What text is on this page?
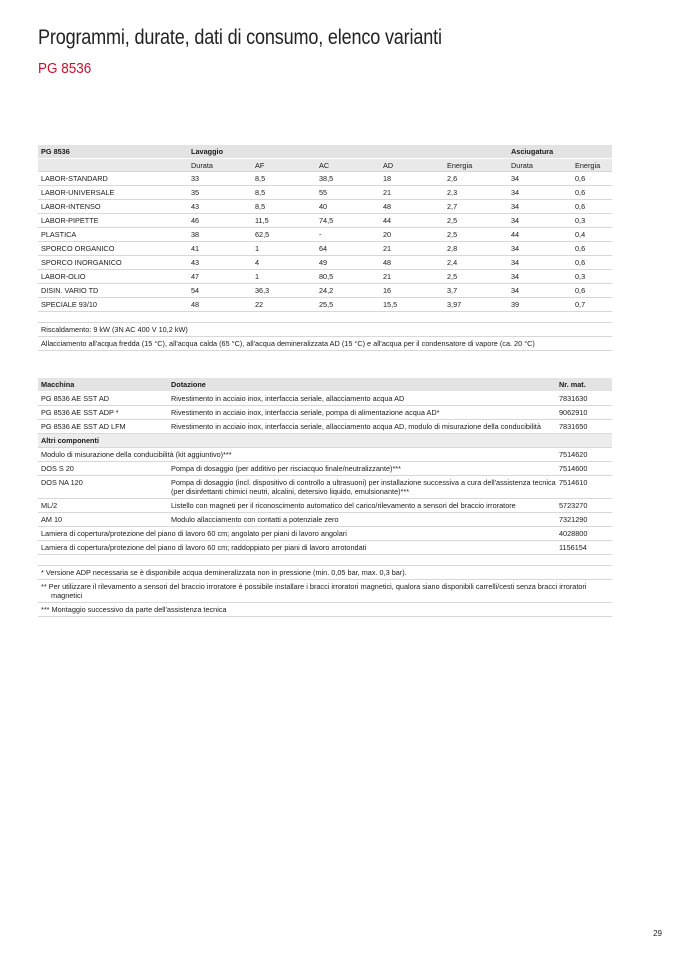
Programmi, durate, dati di consumo, elenco varianti
PG 8536
PG 8536	Lavaggio					Asciugatura	
	Durata	AF	AC	AD	Energia	Durata	Energia
LABOR-STANDARD	33	8,5	38,5	18	2,6	34	0,6
LABOR-UNIVERSALE	35	8,5	55	21	2,3	34	0,6
LABOR-INTENSO	43	8,5	40	48	2,7	34	0,6
LABOR-PIPETTE	46	11,5	74,5	44	2,5	34	0,3
PLASTICA	38	62,5	-	20	2,5	44	0,4
SPORCO ORGANICO	41	1	64	21	2,8	34	0,6
SPORCO INORGANICO	43	4	49	48	2,4	34	0,6
LABOR-OLIO	47	1	80,5	21	2,5	34	0,3
DISIN. VARIO TD	54	36,3	24,2	16	3,7	34	0,6
SPECIALE 93/10	48	22	25,5	15,5	3,97	39	0,7

Riscaldamento: 9 kW (3N AC 400 V 10,2 kW)							
Allacciamento all'acqua fredda (15 °C), all'acqua calda (65 °C), all'acqua demineralizzata AD (15 °C) e all'acqua per il condensatore di vapore (ca. 20 °C)							
Macchina	Dotazione	Nr. mat.
PG 8536 AE SST AD	Rivestimento in acciaio inox, interfaccia seriale, allacciamento acqua AD	7831630
PG 8536 AE SST ADP *	Rivestimento in acciaio inox, interfaccia seriale, pompa di alimentazione acqua AD*	9062910
PG 8536 AE SST AD LFM	Rivestimento in acciaio inox, interfaccia seriale, allacciamento acqua AD, modulo di misurazione della conducibilità	7831650
Altri componenti		
Modulo di misurazione della conducibilità (kit aggiuntivo)***		7514620
DOS S 20	Pompa di dosaggio (per additivo per risciacquo finale/neutralizzante)***	7514600
DOS NA 120	Pompa di dosaggio (incl. dispositivo di controllo a ultrasuoni) per installazione successiva a cura dell'assistenza tecnica (per disinfettanti chimici neutri, alcalini, detersivo liquido, emulsionante)***	7514610
ML/2	Listello con magneti per il riconoscimento automatico del carico/rilevamento a sensori del braccio irroratore	5723270
AM 10	Modulo allacciamento con contatti a potenziale zero	7321290
Lamiera di copertura/protezione del piano di lavoro 60 cm; angolato per piani di lavoro angolari		4028800
Lamiera di copertura/protezione del piano di lavoro 60 cm; raddoppiato per piani di lavoro arrotondati		1156154

* Versione ADP necessaria se è disponibile acqua demineralizzata non in pressione (min. 0,05 bar, max. 0,3 bar).		

** Per utilizzare il rilevamento a sensori del braccio irroratore è possibile installare i bracci irroratori magnetici, qualora siano disponibili carrelli/cesti senza bracci irroratori magnetici		

*** Montaggio successivo da parte dell'assistenza tecnica		
29
